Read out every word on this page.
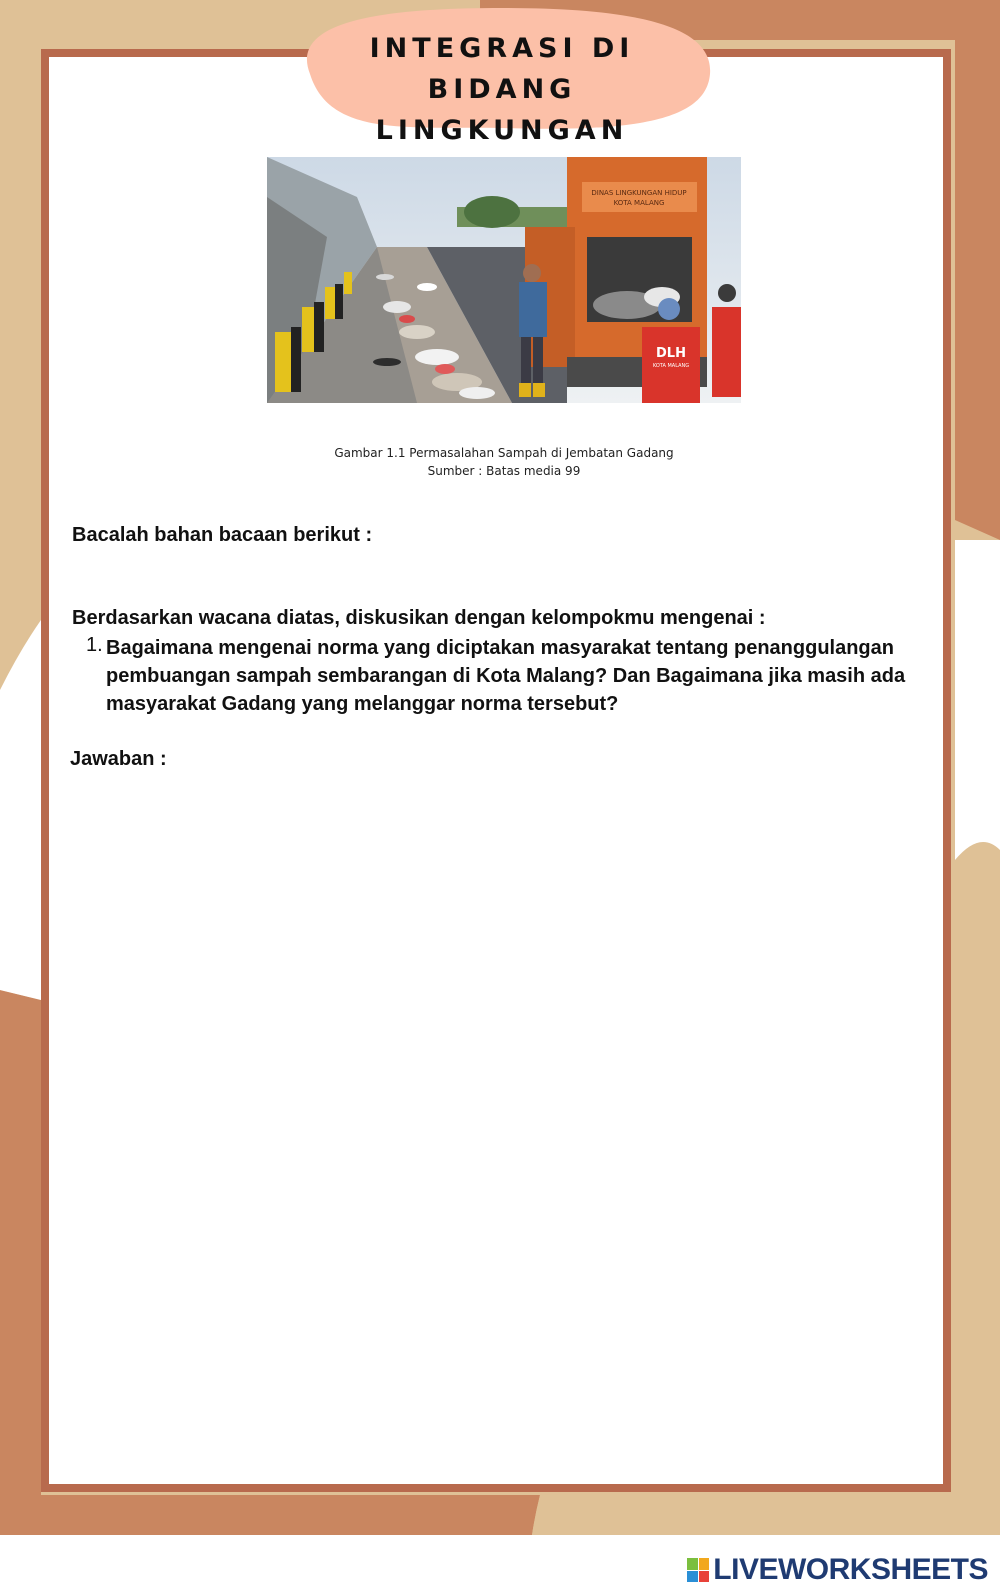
INTEGRASI DI BIDANG
LINGKUNGAN
DINAS LINGKUNGAN HIDUP
KOTA MALANG
DLH
KOTA MALANG
Gambar 1.1 Permasalahan Sampah di Jembatan Gadang
Sumber : Batas media 99
Bacalah bahan bacaan berikut :
Berdasarkan wacana diatas, diskusikan dengan kelompokmu mengenai :
1. Bagaimana mengenai norma yang diciptakan masyarakat tentang penanggulangan pembuangan sampah sembarangan di Kota Malang? Dan Bagaimana jika masih ada masyarakat Gadang yang melanggar norma tersebut?
Jawaban :
LIVEWORKSHEETS
